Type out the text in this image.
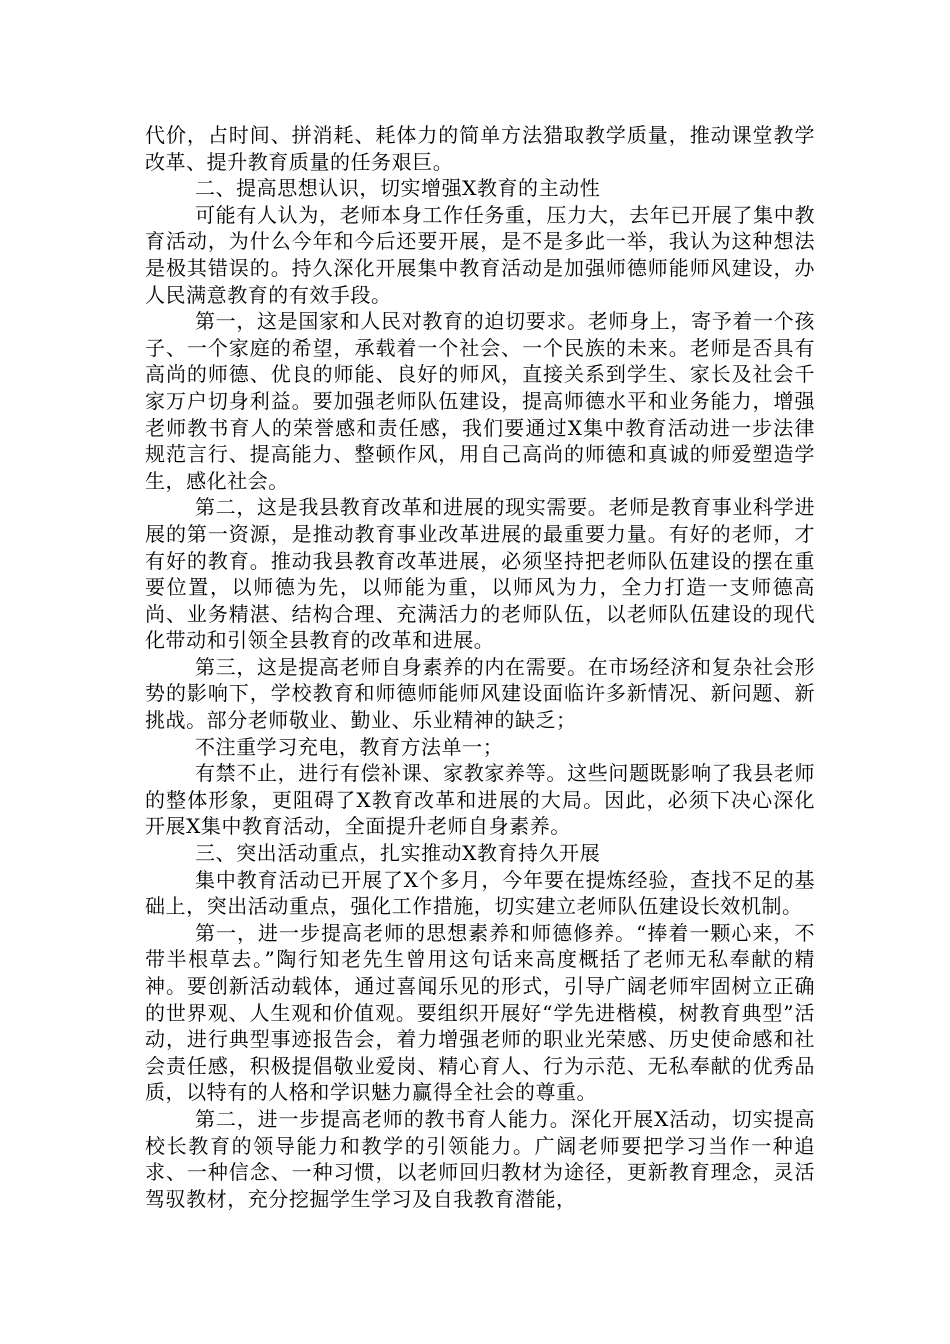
代价，占时间、拼消耗、耗体力的简单方法猎取教学质量，推动课堂教学改革、提升教育质量的任务艰巨。

二、提高思想认识，切实增强X教育的主动性

可能有人认为，老师本身工作任务重，压力大，去年已开展了集中教育活动，为什么今年和今后还要开展，是不是多此一举，我认为这种想法是极其错误的。持久深化开展集中教育活动是加强师德师能师风建设，办人民满意教育的有效手段。

第一，这是国家和人民对教育的迫切要求。老师身上，寄予着一个孩子、一个家庭的希望，承载着一个社会、一个民族的未来。老师是否具有高尚的师德、优良的师能、良好的师风，直接关系到学生、家长及社会千家万户切身利益。要加强老师队伍建设，提高师德水平和业务能力，增强老师教书育人的荣誉感和责任感，我们要通过X集中教育活动进一步法律规范言行、提高能力、整顿作风，用自己高尚的师德和真诚的师爱塑造学生，感化社会。

第二，这是我县教育改革和进展的现实需要。老师是教育事业科学进展的第一资源，是推动教育事业改革进展的最重要力量。有好的老师，才有好的教育。推动我县教育改革进展，必须坚持把老师队伍建设的摆在重要位置，以师德为先，以师能为重，以师风为力，全力打造一支师德高尚、业务精湛、结构合理、充满活力的老师队伍，以老师队伍建设的现代化带动和引领全县教育的改革和进展。

第三，这是提高老师自身素养的内在需要。在市场经济和复杂社会形势的影响下，学校教育和师德师能师风建设面临许多新情况、新问题、新挑战。部分老师敬业、勤业、乐业精神的缺乏；

不注重学习充电，教育方法单一；

有禁不止，进行有偿补课、家教家养等。这些问题既影响了我县老师的整体形象，更阻碍了X教育改革和进展的大局。因此，必须下决心深化开展X集中教育活动，全面提升老师自身素养。

三、突出活动重点，扎实推动X教育持久开展

集中教育活动已开展了X个多月，今年要在提炼经验，查找不足的基础上，突出活动重点，强化工作措施，切实建立老师队伍建设长效机制。

第一，进一步提高老师的思想素养和师德修养。“捧着一颗心来，不带半根草去。”陶行知老先生曾用这句话来高度概括了老师无私奉献的精神。要创新活动载体，通过喜闻乐见的形式，引导广阔老师牢固树立正确的世界观、人生观和价值观。要组织开展好“学先进楷模，树教育典型”活动，进行典型事迹报告会，着力增强老师的职业光荣感、历史使命感和社会责任感，积极提倡敬业爱岗、精心育人、行为示范、无私奉献的优秀品质，以特有的人格和学识魅力赢得全社会的尊重。

第二，进一步提高老师的教书育人能力。深化开展X活动，切实提高校长教育的领导能力和教学的引领能力。广阔老师要把学习当作一种追求、一种信念、一种习惯，以老师回归教材为途径，更新教育理念，灵活驾驭教材，充分挖掘学生学习及自我教育潜能，
